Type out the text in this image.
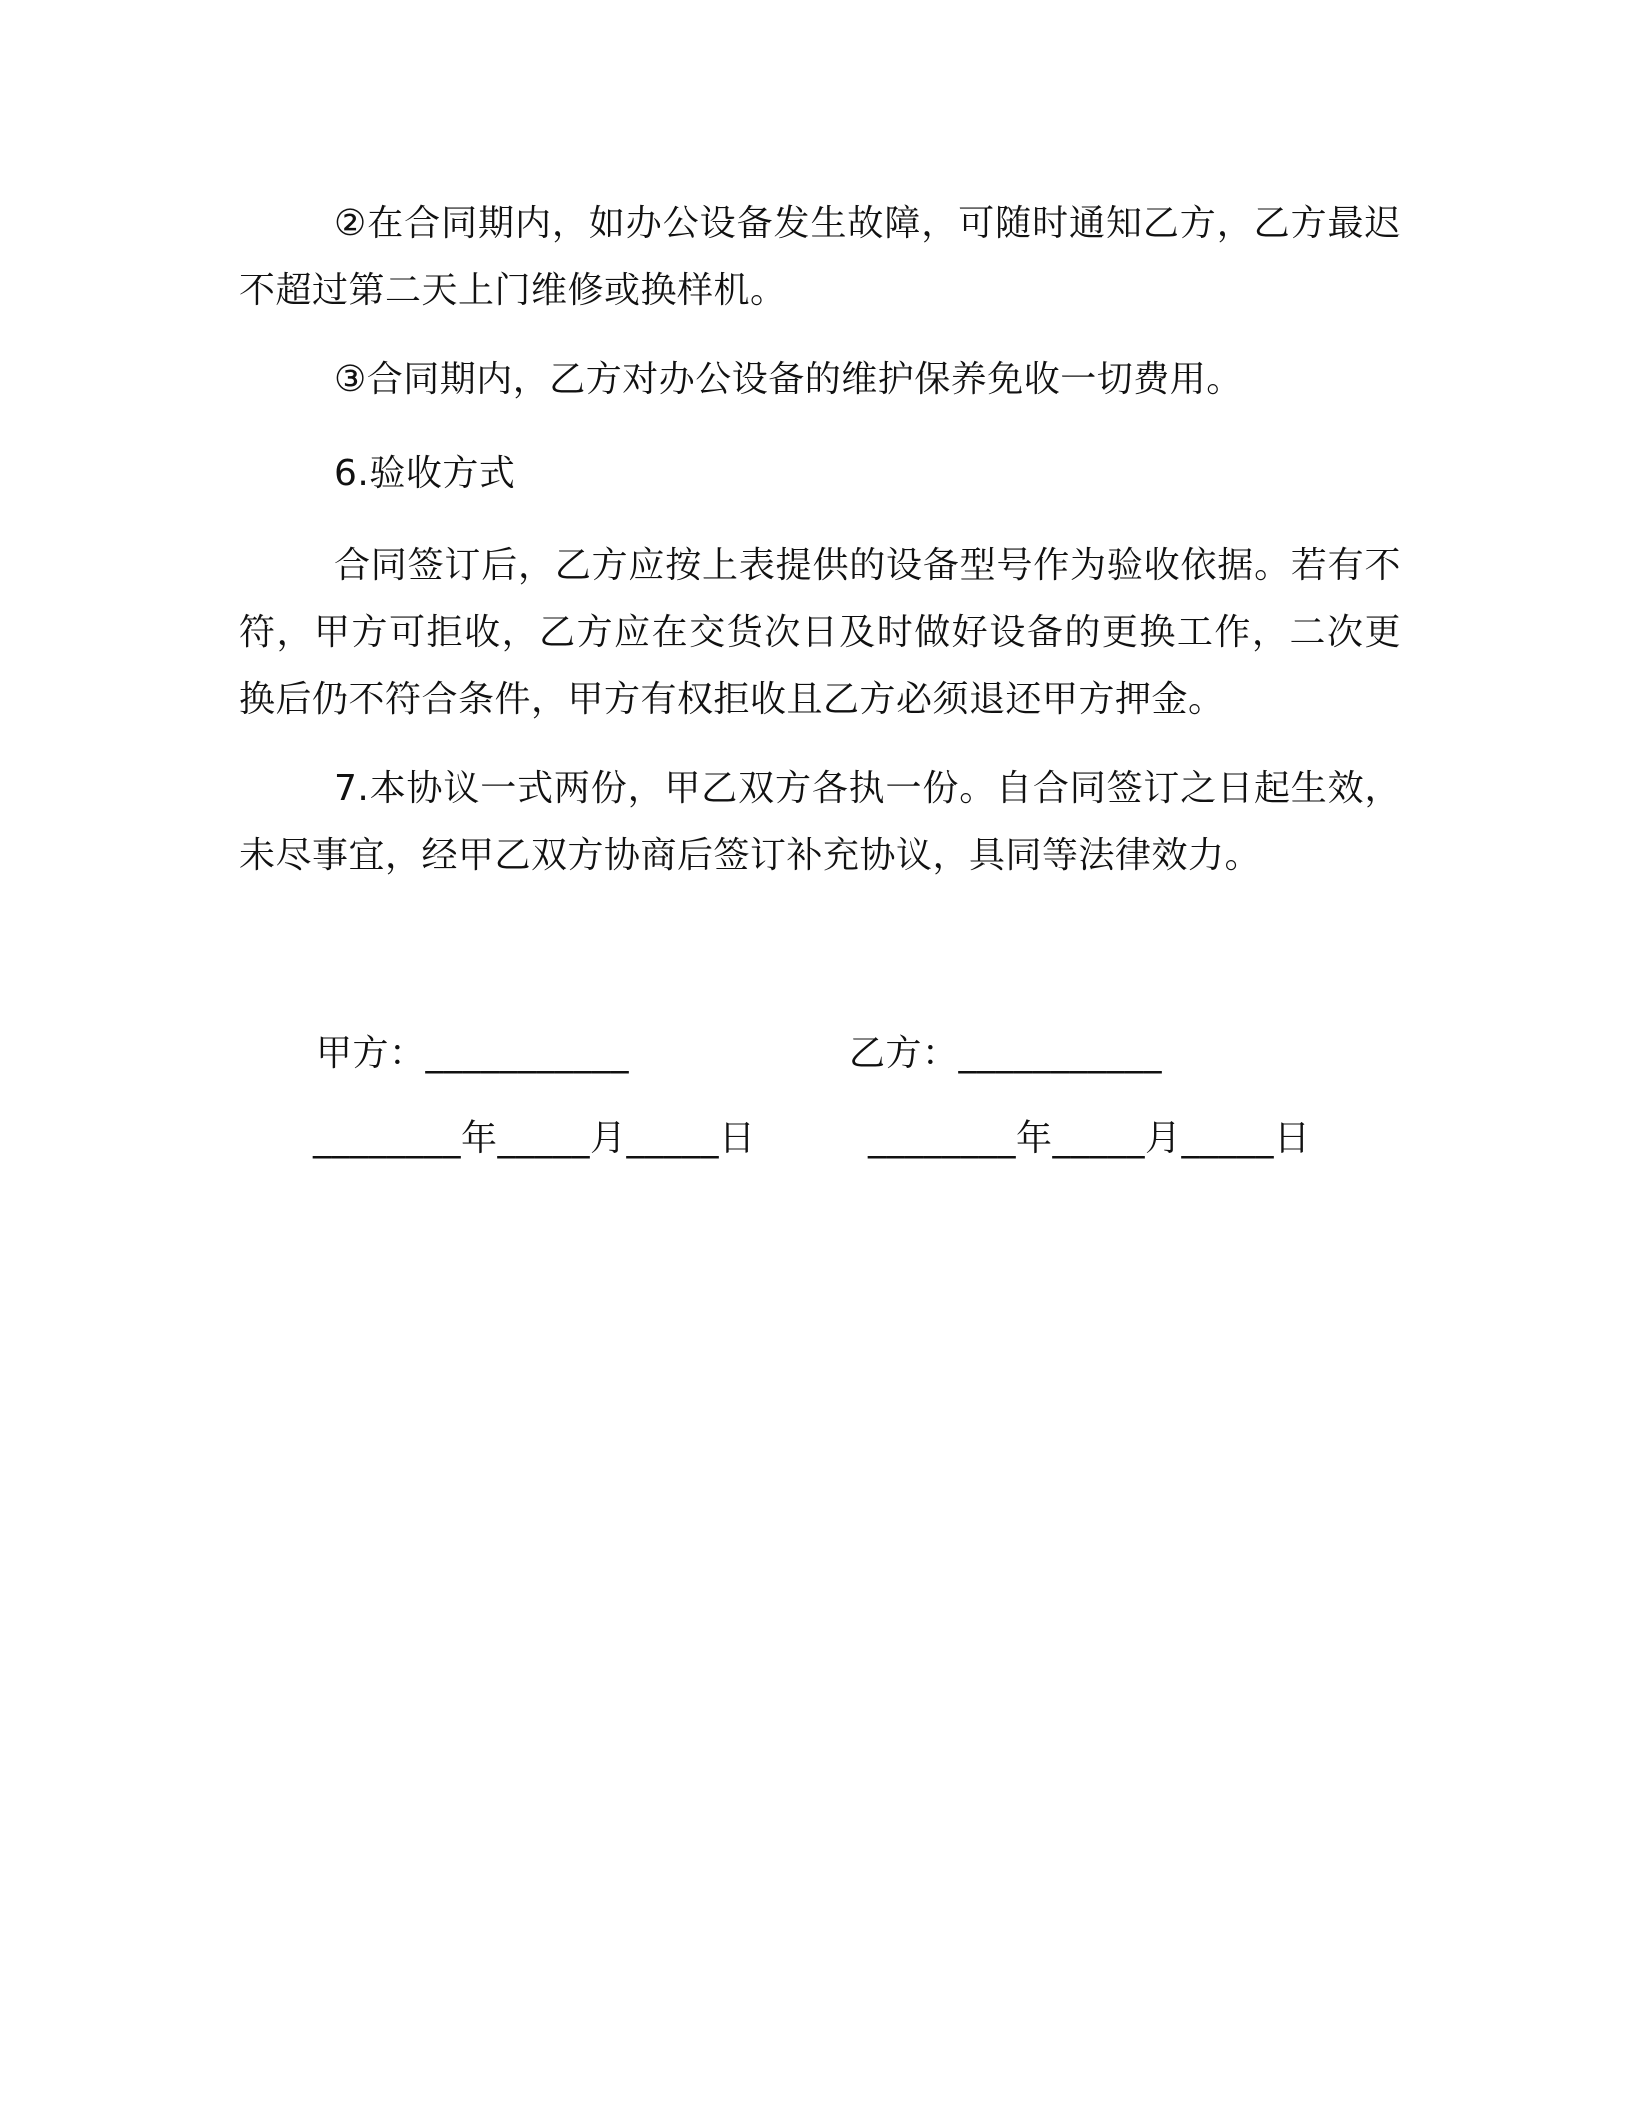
②在合同期内，如办公设备发生故障，可随时通知乙方，乙方最迟不超过第二天上门维修或换样机。

③合同期内，乙方对办公设备的维护保养免收一切费用。

6.验收方式

合同签订后，乙方应按上表提供的设备型号作为验收依据。若有不符，甲方可拒收，乙方应在交货次日及时做好设备的更换工作，二次更换后仍不符合条件，甲方有权拒收且乙方必须退还甲方押金。

7.本协议一式两份，甲乙双方各执一份。自合同签订之日起生效，未尽事宜，经甲乙双方协商后签订补充协议，具同等法律效力。

甲方：___________	乙方：___________
________年_____月_____日	________年_____月_____日
